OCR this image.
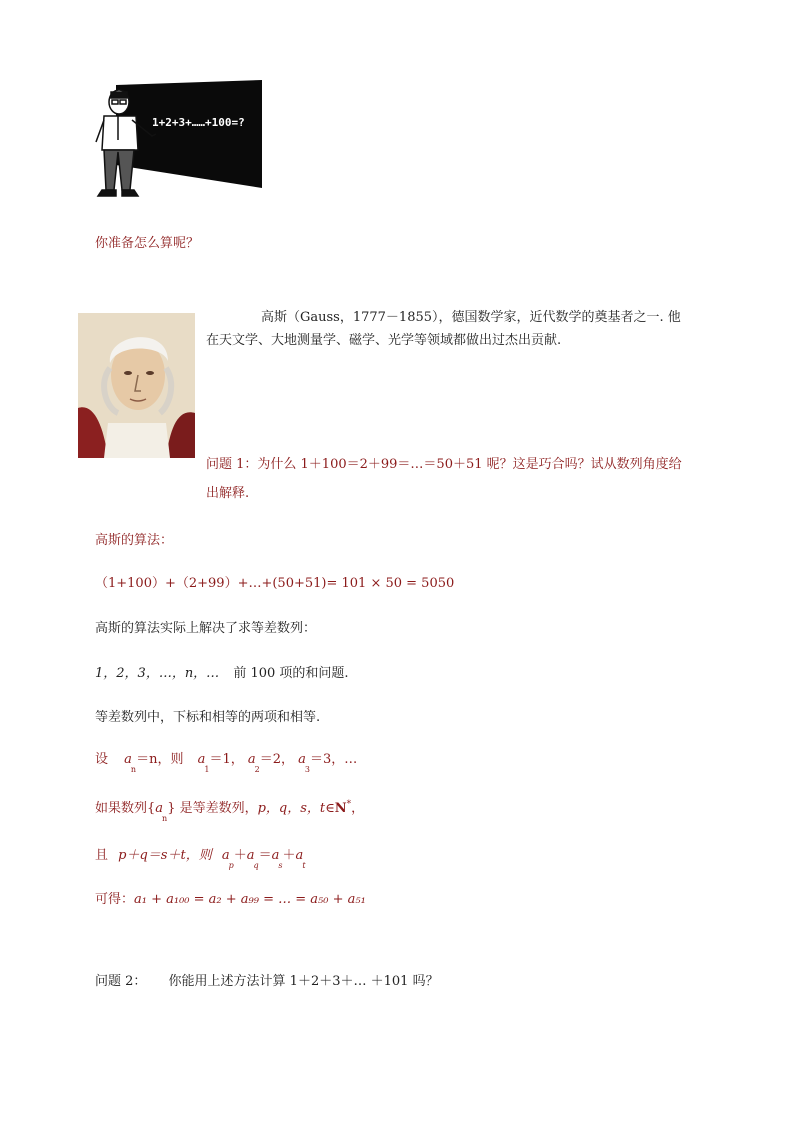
1+2+3+……+100=?
你准备怎么算呢？
高斯（Gauss，1777－1855），德国数学家，近代数学的奠基者之一. 他
在天文学、大地测量学、磁学、光学等领域都做出过杰出贡献.
问题 1：为什么 1＋100＝2＋99＝…＝50＋51 呢？这是巧合吗？试从数列角度给
出解释.
高斯的算法：
（1+100）+（2+99）+…+(50+51)= 101 × 50 = 5050
高斯的算法实际上解决了求等差数列：
1，2，3，…，n，… 前 100 项的和问题.
等差数列中，下标和相等的两项和相等.
设 $a_n=n$，则 $a_1=1$， $a_2=2$， $a_3=3$，…
如果数列$\{a_n\}$ 是等差数列，p，q，s，t∈N*，
且 p＋q＝s＋t，则 $a_p+a_q=a_s+a_t$
可得：a₁ + a₁₀₀ = a₂ + a₉₉ = … = a₅₀ + a₅₁
问题 2： 你能用上述方法计算 1＋2＋3＋… ＋101 吗？
